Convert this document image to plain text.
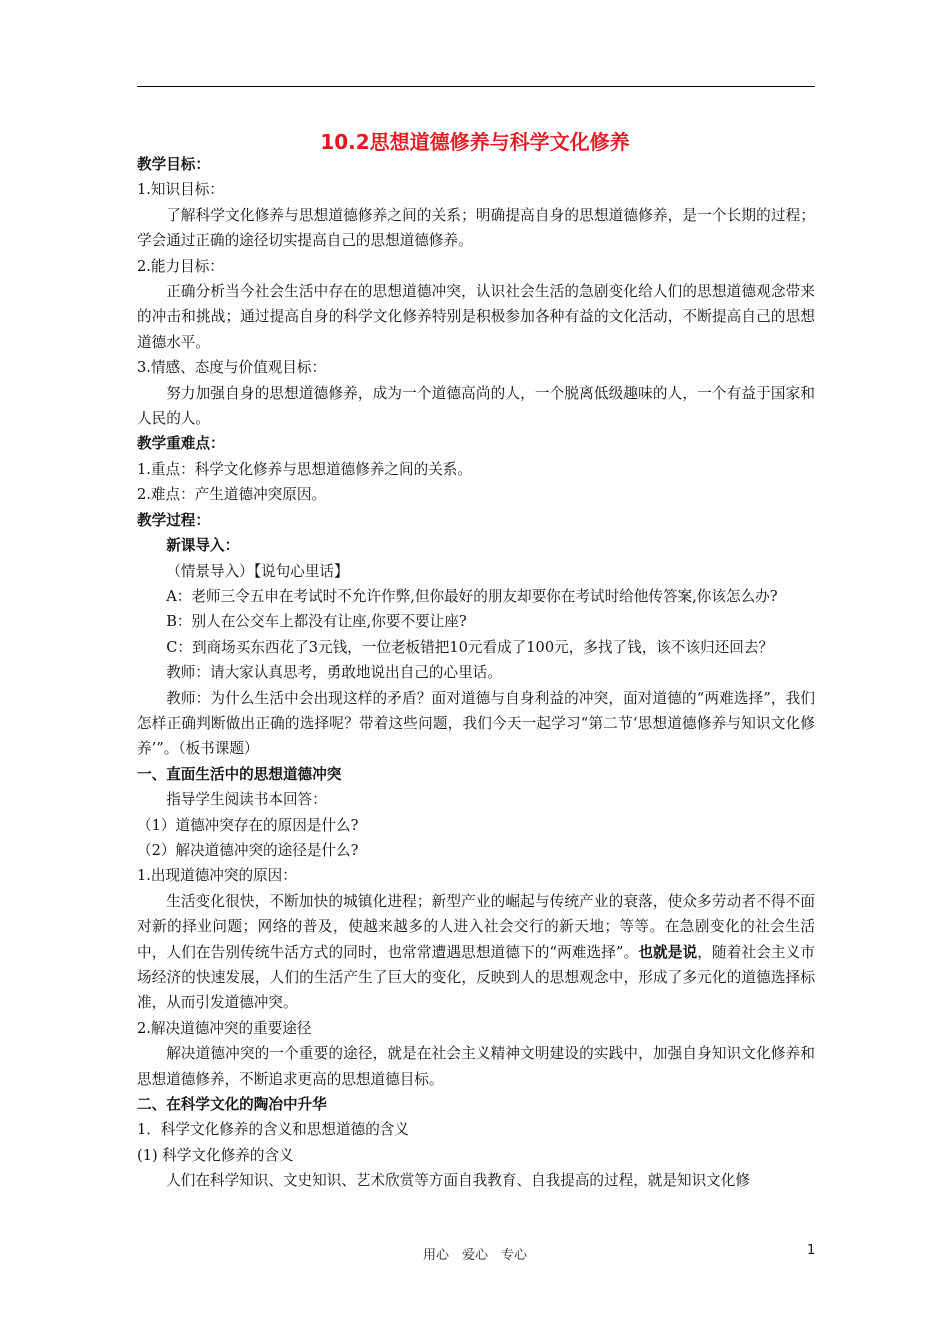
10.2思想道德修养与科学文化修养

教学目标：

1.知识目标：

了解科学文化修养与思想道德修养之间的关系；明确提高自身的思想道德修养，是一个长期的过程；学会通过正确的途径切实提高自己的思想道德修养。

2.能力目标：

正确分析当今社会生活中存在的思想道德冲突，认识社会生活的急剧变化给人们的思想道德观念带来的冲击和挑战；通过提高自身的科学文化修养特别是积极参加各种有益的文化活动，不断提高自己的思想道德水平。

3.情感、态度与价值观目标：

努力加强自身的思想道德修养，成为一个道德高尚的人，一个脱离低级趣味的人，一个有益于国家和人民的人。

教学重难点：

1.重点：科学文化修养与思想道德修养之间的关系。

2.难点：产生道德冲突原因。

教学过程：

新课导入：

（情景导入）【说句心里话】

A：老师三令五申在考试时不允许作弊,但你最好的朋友却要你在考试时给他传答案,你该怎么办?

B：别人在公交车上都没有让座,你要不要让座?

C：到商场买东西花了3元钱，一位老板错把10元看成了100元，多找了钱，该不该归还回去？

教师：请大家认真思考，勇敢地说出自己的心里话。

教师：为什么生活中会出现这样的矛盾？面对道德与自身利益的冲突，面对道德的“两难选择”，我们怎样正确判断做出正确的选择呢？带着这些问题，我们今天一起学习“第二节‘思想道德修养与知识文化修养’”。（板书课题）

一、直面生活中的思想道德冲突

指导学生阅读书本回答：

（1）道德冲突存在的原因是什么?

（2）解决道德冲突的途径是什么?

1.出现道德冲突的原因：

生活变化很快，不断加快的城镇化进程；新型产业的崛起与传统产业的衰落，使众多劳动者不得不面对新的择业问题；网络的普及，使越来越多的人进入社会交行的新天地；等等。在急剧变化的社会生活中，人们在告别传统牛活方式的同时，也常常遭遇思想道德下的“两难选择”。也就是说，随着社会主义市场经济的快速发展，人们的生活产生了巨大的变化，反映到人的思想观念中，形成了多元化的道德选择标准，从而引发道德冲突。

2.解决道德冲突的重要途径

解决道德冲突的一个重要的途径，就是在社会主义精神文明建设的实践中，加强自身知识文化修养和思想道德修养，不断追求更高的思想道德目标。

二、在科学文化的陶冶中升华

1．科学文化修养的含义和思想道德的含义

(1) 科学文化修养的含义

人们在科学知识、文史知识、艺术欣赏等方面自我教育、自我提高的过程，就是知识文化修

用心　爱心　专心	1
